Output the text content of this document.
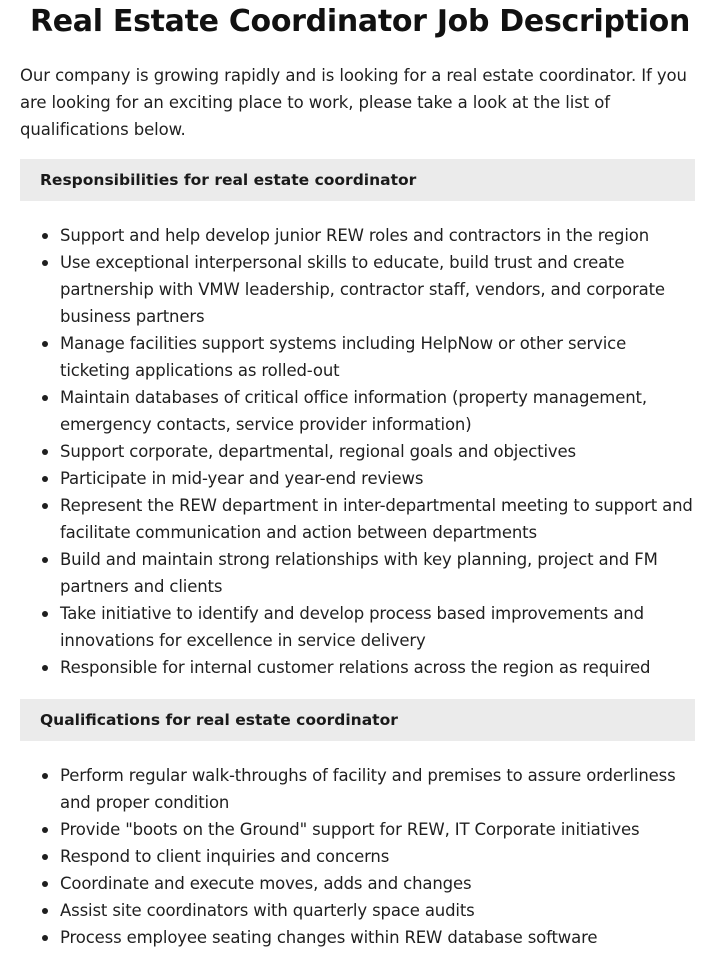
Real Estate Coordinator Job Description

Our company is growing rapidly and is looking for a real estate coordinator. If you are looking for an exciting place to work, please take a look at the list of qualifications below.

Responsibilities for real estate coordinator
Support and help develop junior REW roles and contractors in the region
Use exceptional interpersonal skills to educate, build trust and create partnership with VMW leadership, contractor staff, vendors, and corporate business partners
Manage facilities support systems including HelpNow or other service ticketing applications as rolled-out
Maintain databases of critical office information (property management, emergency contacts, service provider information)
Support corporate, departmental, regional goals and objectives
Participate in mid-year and year-end reviews
Represent the REW department in inter-departmental meeting to support and facilitate communication and action between departments
Build and maintain strong relationships with key planning, project and FM partners and clients
Take initiative to identify and develop process based improvements and innovations for excellence in service delivery
Responsible for internal customer relations across the region as required
Qualifications for real estate coordinator
Perform regular walk-throughs of facility and premises to assure orderliness and proper condition
Provide "boots on the Ground" support for REW, IT Corporate initiatives
Respond to client inquiries and concerns
Coordinate and execute moves, adds and changes
Assist site coordinators with quarterly space audits
Process employee seating changes within REW database software
